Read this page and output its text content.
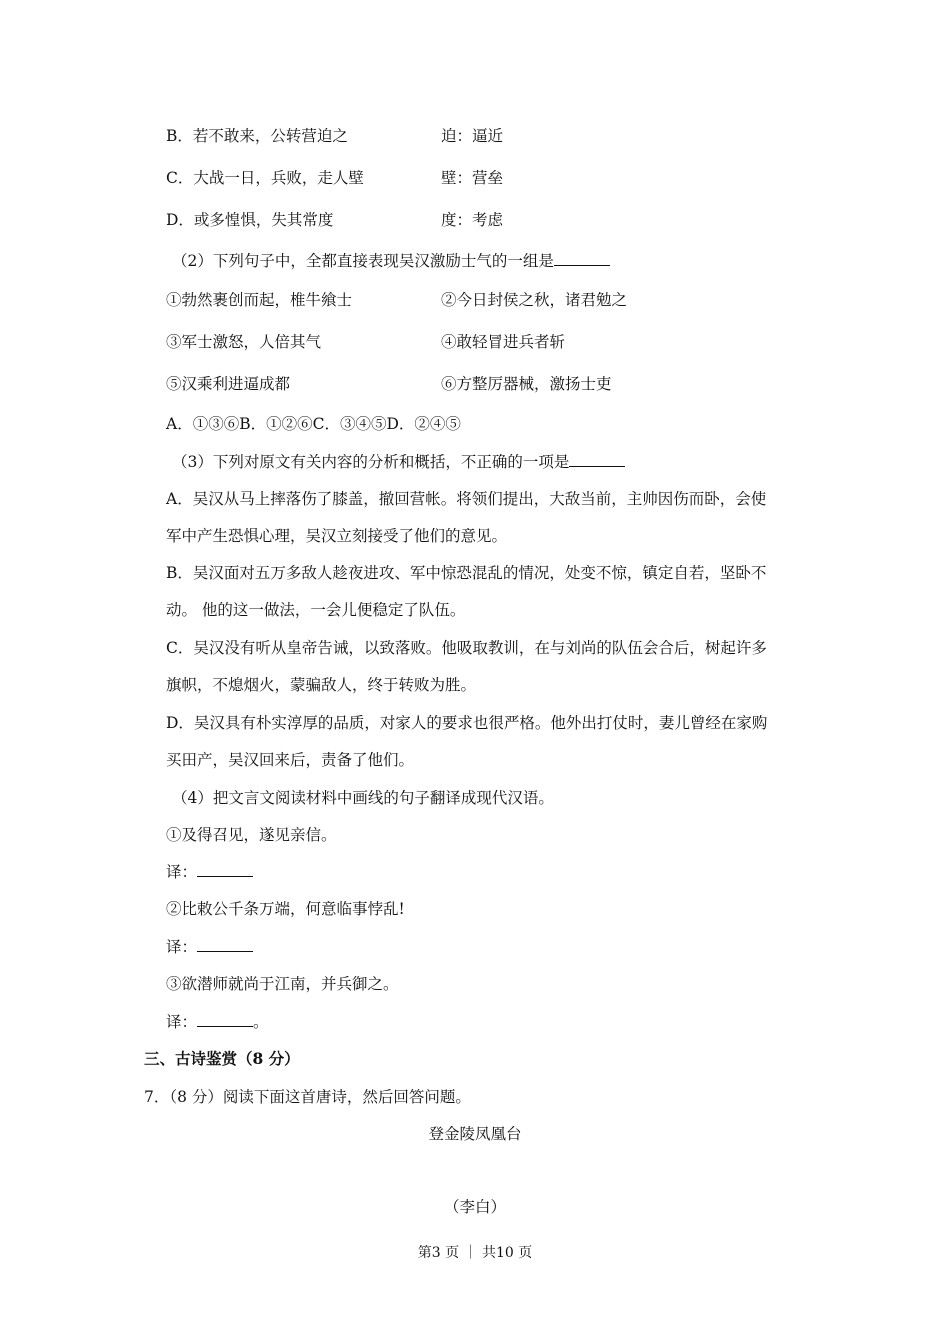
B．若不敢来，公转营迫之	迫：逼近
C．大战一日，兵败，走人壁	壁：营垒
D．或多惶惧，失其常度	度：考虑
（2）下列句子中，全都直接表现吴汉激励士气的一组是
①勃然裹创而起，椎牛飨士	②今日封侯之秋，诸君勉之
③军士激怒，人倍其气	④敢轻冒进兵者斩
⑤汉乘利进逼成都	⑥方整厉器械，激扬士吏
A．①③⑥B．①②⑥C．③④⑤D．②④⑤
（3）下列对原文有关内容的分析和概括，不正确的一项是
A．吴汉从马上摔落伤了膝盖，撤回营帐。将领们提出，大敌当前，主帅因伤而卧，会使
军中产生恐惧心理，吴汉立刻接受了他们的意见。
B．吴汉面对五万多敌人趁夜进攻、军中惊恐混乱的情况，处变不惊，镇定自若，坚卧不
动。 他的这一做法，一会儿便稳定了队伍。
C．吴汉没有听从皇帝告诫，以致落败。他吸取教训，在与刘尚的队伍会合后，树起许多
旗帜，不熄烟火，蒙骗敌人，终于转败为胜。
D．吴汉具有朴实淳厚的品质，对家人的要求也很严格。他外出打仗时，妻儿曾经在家购
买田产，吴汉回来后，责备了他们。
（4）把文言文阅读材料中画线的句子翻译成现代汉语。
①及得召见，遂见亲信。
译：
②比敕公千条万端，何意临事悖乱!
译：
③欲潜师就尚于江南，并兵御之。
译：	。
三、古诗鉴赏（8 分）
7．（8 分）阅读下面这首唐诗，然后回答问题。
登金陵凤凰台
（李白）
第3 页 ｜ 共10 页
